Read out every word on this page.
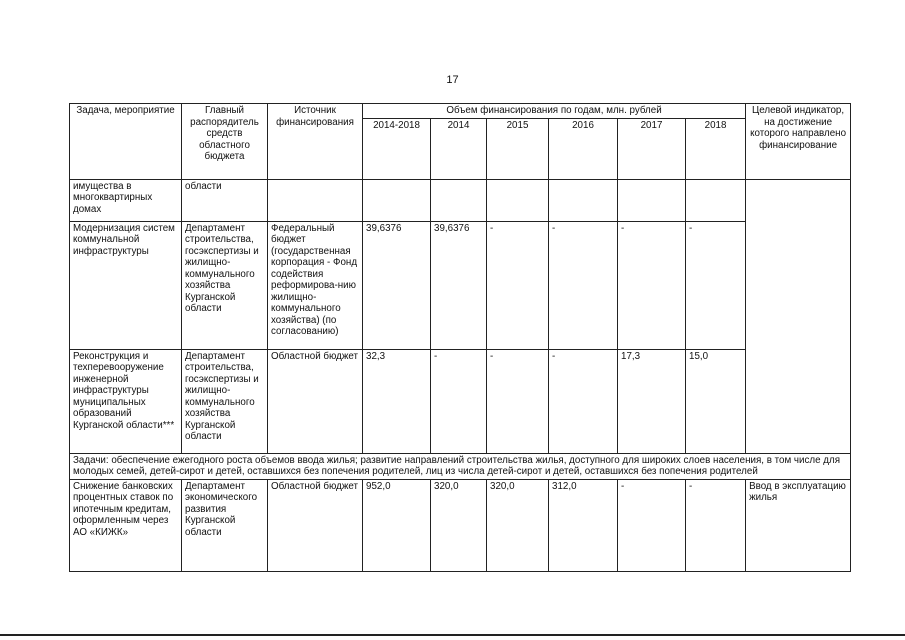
17
Задача, мероприятие	Главный распорядитель средств областного бюджета	Источник финансирования	Объем финансирования по годам, млн. рублей						Целевой индикатор, на достижение которого направлено финансирование
			2014-2018	2014	2015	2016	2017	2018	
имущества в многоквартирных домах	области								
Модернизация систем коммунальной инфраструктуры	Департамент строительства, госэкспертизы и жилищно-коммунального хозяйства Курганской области	Федеральный бюджет (государственная корпорация - Фонд содействия реформирова-нию жилищно-коммунального хозяйства) (по согласованию)	39,6376	39,6376	-	-	-	-	
Реконструкция и техперевооружение инженерной инфраструктуры муниципальных образований Курганской области***	Департамент строительства, госэкспертизы и жилищно-коммунального хозяйства Курганской области	Областной бюджет	32,3	-	-	-	17,3	15,0	
Задачи: обеспечение ежегодного роста объемов ввода жилья; развитие направлений строительства жилья, доступного для широких слоев населения, в том числе для молодых семей, детей-сирот и детей, оставшихся без попечения родителей, лиц из числа детей-сирот и детей, оставшихся без попечения родителей									
Снижение банковских процентных ставок по ипотечным кредитам, оформленным через АО «КИЖК»	Департамент экономического развития Курганской области	Областной бюджет	952,0	320,0	320,0	312,0	-	-	Ввод в эксплуатацию жилья
